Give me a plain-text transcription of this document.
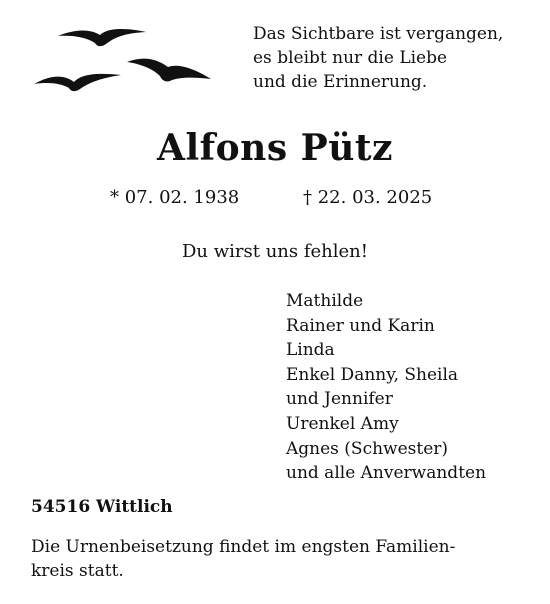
Das Sichtbare ist vergangen,
es bleibt nur die Liebe
und die Erinnerung.
Alfons Pütz
* 07. 02. 1938	† 22. 03. 2025
Du wirst uns fehlen!
Mathilde
Rainer und Karin
Linda
Enkel Danny, Sheila
und Jennifer
Urenkel Amy
Agnes (Schwester)
und alle Anverwandten
54516 Wittlich
Die Urnenbeisetzung findet im engsten Familien-
kreis statt.
